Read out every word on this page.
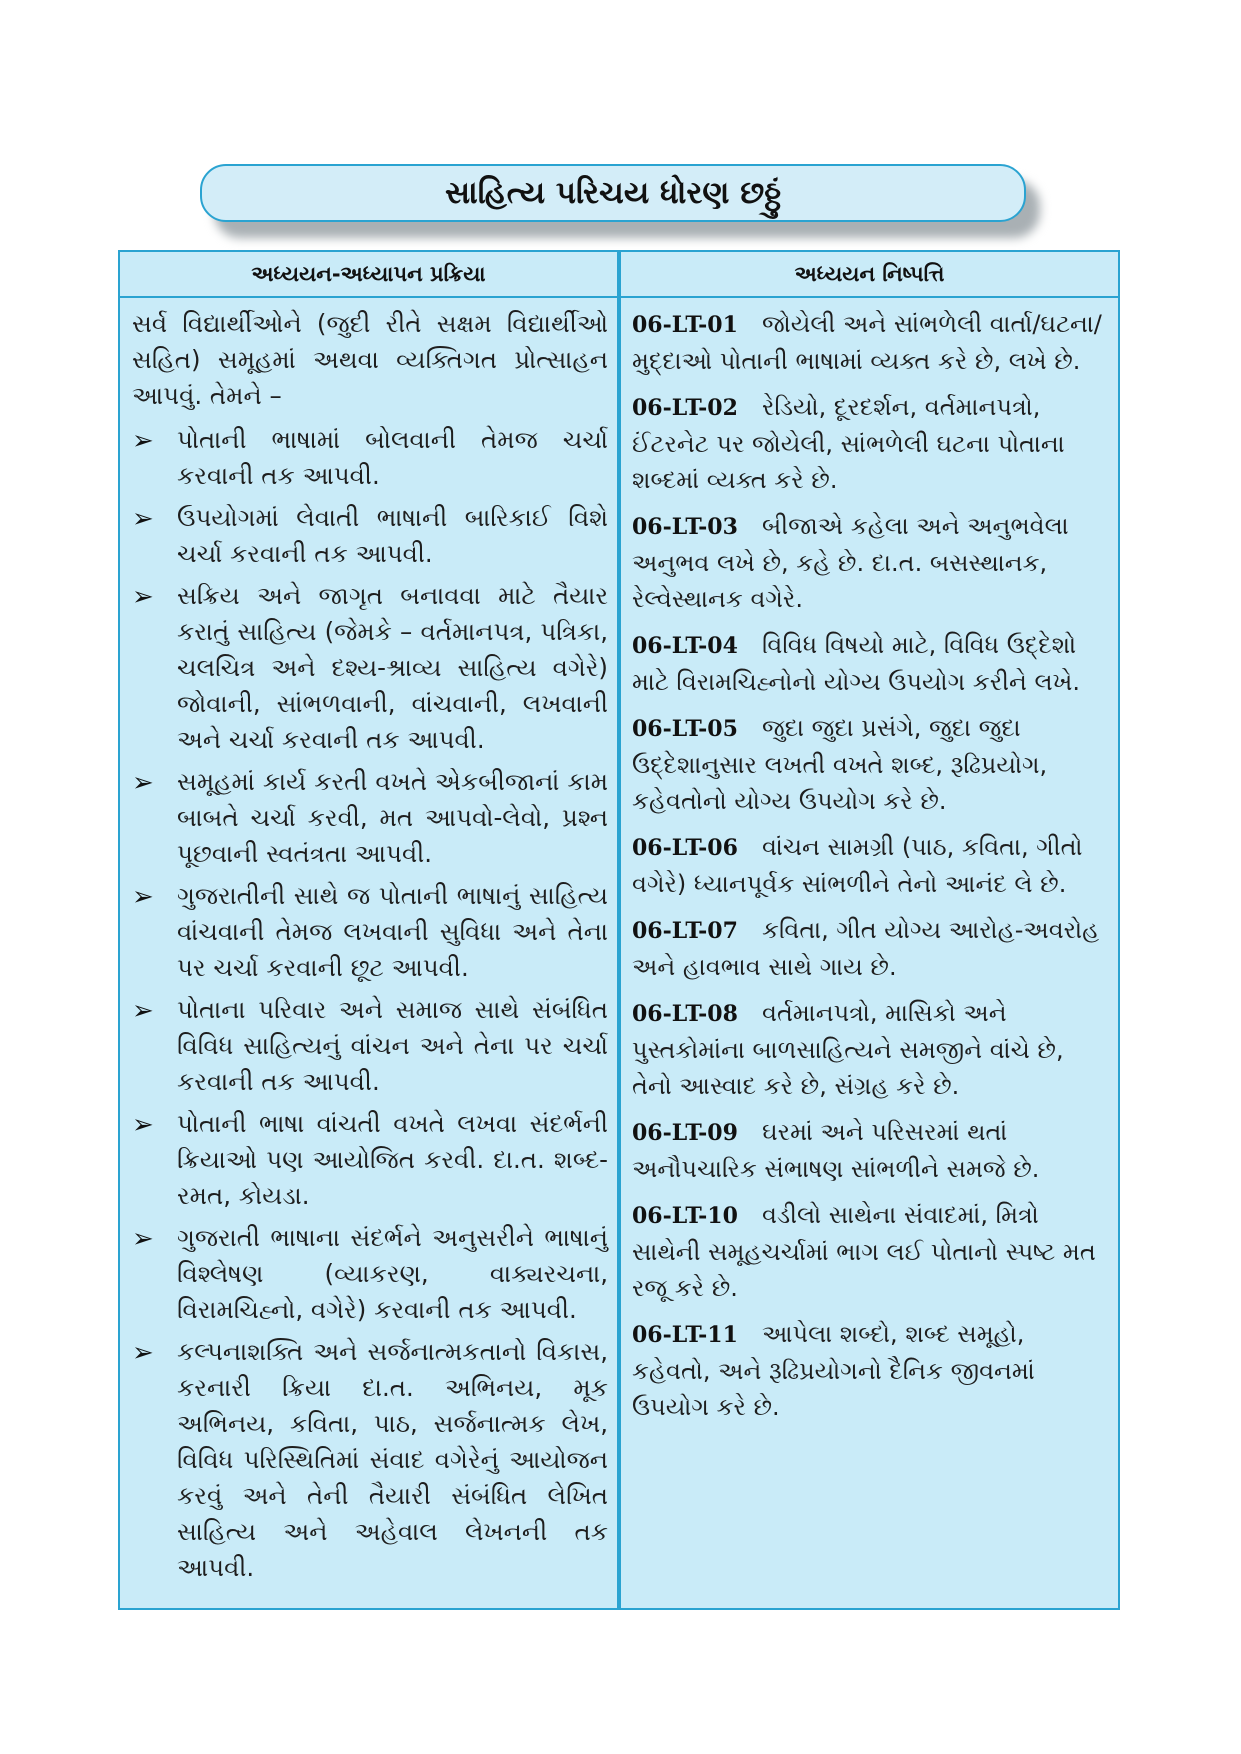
સાહિત્ય પરિચય ધોરણ છઠ્ઠું
અધ્યયન-અધ્યાપન પ્રક્રિયા	અધ્યયન નિષ્પત્તિ

સર્વ વિદ્યાર્થીઓને (જુદી રીતે સક્ષમ વિદ્યાર્થીઓ સહિત) સમૂહમાં અથવા વ્યક્તિગત પ્રોત્સાહન આપવું. તેમને –

➢ પોતાની ભાષામાં બોલવાની તેમજ ચર્ચા કરવાની તક આપવી.
➢ ઉપયોગમાં લેવાતી ભાષાની બારિકાઈ વિશે ચર્ચા કરવાની તક આપવી.
➢ સક્રિય અને જાગૃત બનાવવા માટે તૈયાર કરાતું સાહિત્ય (જેમકે – વર્તમાનપત્ર, પત્રિકા, ચલચિત્ર અને દશ્ય-શ્રાવ્ય સાહિત્ય વગેરે) જોવાની, સાંભળવાની, વાંચવાની, લખવાની અને ચર્ચા કરવાની તક આપવી.
➢ સમૂહમાં કાર્ય કરતી વખતે એકબીજાનાં કામ બાબતે ચર્ચા કરવી, મત આપવો-લેવો, પ્રશ્ન પૂછવાની સ્વતંત્રતા આપવી.
➢ ગુજરાતીની સાથે જ પોતાની ભાષાનું સાહિત્ય વાંચવાની તેમજ લખવાની સુવિધા અને તેના પર ચર્ચા કરવાની છૂટ આપવી.
➢ પોતાના પરિવાર અને સમાજ સાથે સંબંધિત વિવિધ સાહિત્યનું વાંચન અને તેના પર ચર્ચા કરવાની તક આપવી.
➢ પોતાની ભાષા વાંચતી વખતે લખવા સંદર્ભની ક્રિયાઓ પણ આયોજિત કરવી. દા.ત. શબ્દ-રમત, કોયડા.
➢ ગુજરાતી ભાષાના સંદર્ભને અનુસરીને ભાષાનું વિશ્લેષણ (વ્યાકરણ, વાક્યરચના, વિરામચિહ્નો, વગેરે) કરવાની તક આપવી.
➢ કલ્પનાશક્તિ અને સર્જનાત્મકતાનો વિકાસ, કરનારી ક્રિયા દા.ત. અભિનય, મૂક અભિનય, કવિતા, પાઠ, સર્જનાત્મક લેખ, વિવિધ પરિસ્થિતિમાં સંવાદ વગેરેનું આયોજન કરવું અને તેની તૈયારી સંબંધિત લેખિત સાહિત્ય અને અહેવાલ લેખનની તક આપવી.
06-LT-01 જોયેલી અને સાંભળેલી વાર્તા/ઘટના/મુદ્દાઓ પોતાની ભાષામાં વ્યક્ત કરે છે, લખે છે.
06-LT-02 રેડિયો, દૂરદર્શન, વર્તમાનપત્રો, ઈંટરનેટ પર જોયેલી, સાંભળેલી ઘટના પોતાના શબ્દમાં વ્યક્ત કરે છે.
06-LT-03 બીજાએ કહેલા અને અનુભવેલા અનુભવ લખે છે, કહે છે. દા.ત. બસસ્થાનક, રેલ્વેસ્થાનક વગેરે.
06-LT-04 વિવિધ વિષયો માટે, વિવિધ ઉદ્દેશો માટે વિરામચિહ્નોનો યોગ્ય ઉપયોગ કરીને લખે.
06-LT-05 જુદા જુદા પ્રસંગે, જુદા જુદા ઉદ્દેશાનુસાર લખતી વખતે શબ્દ, રૂઢિપ્રયોગ, કહેવતોનો યોગ્ય ઉપયોગ કરે છે.
06-LT-06 વાંચન સામગ્રી (પાઠ, કવિતા, ગીતો વગેરે) ધ્યાનપૂર્વક સાંભળીને તેનો આનંદ લે છે.
06-LT-07 કવિતા, ગીત યોગ્ય આરોહ-અવરોહ અને હાવભાવ સાથે ગાય છે.
06-LT-08 વર્તમાનપત્રો, માસિકો અને પુસ્તકોમાંના બાળસાહિત્યને સમજીને વાંચે છે, તેનો આસ્વાદ કરે છે, સંગ્રહ કરે છે.
06-LT-09 ઘરમાં અને પરિસરમાં થતાં અનૌપચારિક સંભાષણ સાંભળીને સમજે છે.
06-LT-10 વડીલો સાથેના સંવાદમાં, મિત્રો સાથેની સમૂહચર્ચામાં ભાગ લઈ પોતાનો સ્પષ્ટ મત રજૂ કરે છે.
06-LT-11 આપેલા શબ્દો, શબ્દ સમૂહો, કહેવતો, અને રૂઢિપ્રયોગનો દૈનિક જીવનમાં ઉપયોગ કરે છે.
